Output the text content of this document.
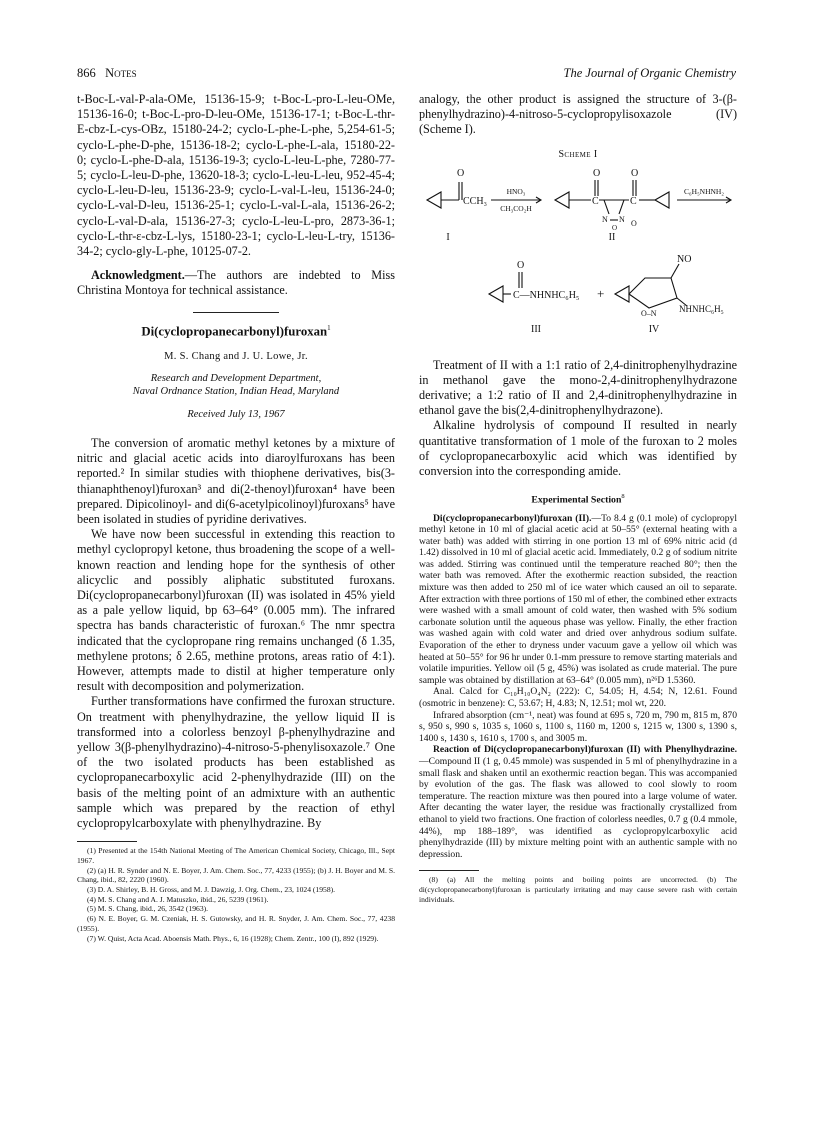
866 Notes	The Journal of Organic Chemistry

t-Boc-L-val-P-ala-OMe, 15136-15-9; t-Boc-L-pro-L-leu-OMe, 15136-16-0; t-Boc-L-pro-D-leu-OMe, 15136-17-1; t-Boc-L-thr-E-cbz-L-cys-OBz, 15180-24-2; cyclo-L-phe-L-phe, 5,254-61-5; cyclo-L-phe-D-phe, 15136-18-2; cyclo-L-phe-L-ala, 15180-22-0; cyclo-L-phe-D-ala, 15136-19-3; cyclo-L-leu-L-phe, 7280-77-5; cyclo-L-leu-D-phe, 13620-18-3; cyclo-L-leu-L-leu, 952-45-4; cyclo-L-leu-D-leu, 15136-23-9; cyclo-L-val-L-leu, 15136-24-0; cyclo-L-val-D-leu, 15136-25-1; cyclo-L-val-L-ala, 15136-26-2; cyclo-L-val-D-ala, 15136-27-3; cyclo-L-leu-L-pro, 2873-36-1; cyclo-L-thr-ε-cbz-L-lys, 15180-23-1; cyclo-L-leu-L-try, 15136-34-2; cyclo-gly-L-phe, 10125-07-2.

Acknowledgment.—The authors are indebted to Miss Christina Montoya for technical assistance.

Di(cyclopropanecarbonyl)furoxan$^1$

M. S. Chang and J. U. Lowe, Jr.

Research and Development Department,

Naval Ordnance Station, Indian Head, Maryland

Received July 13, 1967

The conversion of aromatic methyl ketones by a mixture of nitric and glacial acetic acids into diaroylfuroxans has been reported.² In similar studies with thiophene derivatives, bis(3-thianaphthenoyl)furoxan³ and di(2-thenoyl)furoxan⁴ have been prepared. Dipicolinoyl- and di(6-acetylpicolinoyl)furoxans⁵ have been isolated in studies of pyridine derivatives.

We have now been successful in extending this reaction to methyl cyclopropyl ketone, thus broadening the scope of a well-known reaction and lending hope for the synthesis of other alicyclic and possibly aliphatic substituted furoxans. Di(cyclopropanecarbonyl)furoxan (II) was isolated in 45% yield as a pale yellow liquid, bp 63–64° (0.005 mm). The infrared spectra has bands characteristic of furoxan.⁶ The nmr spectra indicated that the cyclopropane ring remains unchanged (δ 1.35, methylene protons; δ 2.65, methine protons, areas ratio of 4:1). However, attempts made to distil at higher temperature only result with decomposition and polymerization.

Further transformations have confirmed the furoxan structure. On treatment with phenylhydrazine, the yellow liquid II is transformed into a colorless benzoyl β-phenylhydrazine and yellow 3(β-phenylhydrazino)-4-nitroso-5-phenylisoxazole.⁷ One of the two isolated products has been established as cyclopropanecarboxylic acid 2-phenylhydrazide (III) on the basis of the melting point of an admixture with an authentic sample which was prepared by the reaction of ethyl cyclopropylcarboxylate with phenylhydrazine. By

(1) Presented at the 154th National Meeting of The American Chemical Society, Chicago, Ill., Sept 1967.

(2) (a) H. R. Synder and N. E. Boyer, J. Am. Chem. Soc., 77, 4233 (1955); (b) J. H. Boyer and M. S. Chang, ibid., 82, 2220 (1960).

(3) D. A. Shirley, B. H. Gross, and M. J. Dawzig, J. Org. Chem., 23, 1024 (1958).

(4) M. S. Chang and A. J. Matuszko, ibid., 26, 5239 (1961).

(5) M. S. Chang, ibid., 26, 3542 (1963).

(6) N. E. Boyer, G. M. Czeniak, H. S. Gutowsky, and H. R. Snyder, J. Am. Chem. Soc., 77, 4238 (1955).

(7) W. Quist, Acta Acad. Aboensis Math. Phys., 6, 16 (1928); Chem. Zentr., 100 (I), 892 (1929).

analogy, the other product is assigned the structure of 3-(β-phenylhydrazino)-4-nitroso-5-cyclopropylisoxazole (IV) (Scheme I).

Scheme I

O
CCH₃
HNO₃
CH₃CO₂H
O
C
O
C
N N
O O
C₆H₅NHNH₂
I	II
O
C—NHNHC₆H₅ +
NO
O–N NHNHC₆H₅
III	IV

Treatment of II with a 1:1 ratio of 2,4-dinitrophenylhydrazine in methanol gave the mono-2,4-dinitrophenylhydrazone derivative; a 1:2 ratio of II and 2,4-dinitrophenylhydrazine in ethanol gave the bis(2,4-dinitrophenylhydrazone).

Alkaline hydrolysis of compound II resulted in nearly quantitative transformation of 1 mole of the furoxan to 2 moles of cyclopropanecarboxylic acid which was identified by conversion into the corresponding amide.

Experimental Section$^8$

Di(cyclopropanecarbonyl)furoxan (II).—To 8.4 g (0.1 mole) of cyclopropyl methyl ketone in 10 ml of glacial acetic acid at 50–55° (external heating with a water bath) was added with stirring in one portion 13 ml of 69% nitric acid (d 1.42) dissolved in 10 ml of glacial acetic acid. Immediately, 0.2 g of sodium nitrite was added. Stirring was continued until the temperature reached 80°; then the water bath was removed. After the exothermic reaction subsided, the reaction mixture was then added to 250 ml of ice water which caused an oil to separate. After extraction with three portions of 150 ml of ether, the combined ether extracts were washed with a small amount of cold water, then washed with 5% sodium carbonate solution until the aqueous phase was yellow. Finally, the ether fraction was washed again with cold water and dried over anhydrous sodium sulfate. Evaporation of the ether to dryness under vacuum gave a yellow oil which was heated at 50–55° for 96 hr under 0.1-mm pressure to remove starting materials and volatile impurities. Yellow oil (5 g, 45%) was isolated as crude material. The pure sample was obtained by distillation at 63–64° (0.005 mm), n²⁶D 1.5360.

Anal. Calcd for C₁₀H₁₀O₄N₂ (222): C, 54.05; H, 4.54; N, 12.61. Found (osmotric in benzene): C, 53.67; H, 4.83; N, 12.51; mol wt, 220.

Infrared absorption (cm⁻¹, neat) was found at 695 s, 720 m, 790 m, 815 m, 870 s, 950 s, 990 s, 1035 s, 1060 s, 1100 s, 1160 m, 1200 s, 1215 w, 1300 s, 1390 s, 1400 s, 1430 s, 1610 s, 1700 s, and 3005 m.

Reaction of Di(cyclopropanecarbonyl)furoxan (II) with Phenylhydrazine.—Compound II (1 g, 0.45 mmole) was suspended in 5 ml of phenylhydrazine in a small flask and shaken until an exothermic reaction began. This was accompanied by evolution of the gas. The flask was allowed to cool slowly to room temperature. The reaction mixture was then poured into a large volume of water. After decanting the water layer, the residue was fractionally crystallized from ethanol to yield two fractions. One fraction of colorless needles, 0.7 g (0.4 mmole, 44%), mp 188–189°, was identified as cyclopropylcarboxylic acid phenylhydrazide (III) by mixture melting point with an authentic sample with no depression.

(8) (a) All the melting points and boiling points are uncorrected. (b) The di(cyclopropanecarbonyl)furoxan is particularly irritating and may cause severe rash with certain individuals.
